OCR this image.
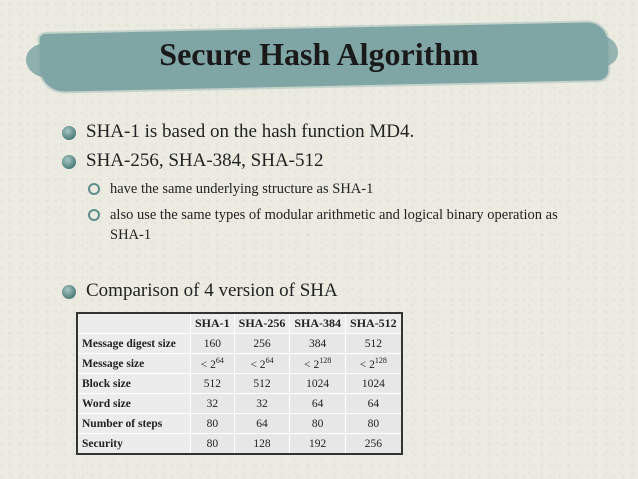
Secure Hash Algorithm
SHA-1 is based on the hash function MD4.
SHA-256, SHA-384, SHA-512
have the same underlying structure as SHA-1
also use the same types of modular arithmetic and logical binary operation as SHA-1
Comparison of 4 version of SHA
	SHA-1	SHA-256	SHA-384	SHA-512
Message digest size	160	256	384	512
Message size	< $2^{64}$	< $2^{64}$	< $2^{128}$	< $2^{128}$
Block size	512	512	1024	1024
Word size	32	32	64	64
Number of steps	80	64	80	80
Security	80	128	192	256
